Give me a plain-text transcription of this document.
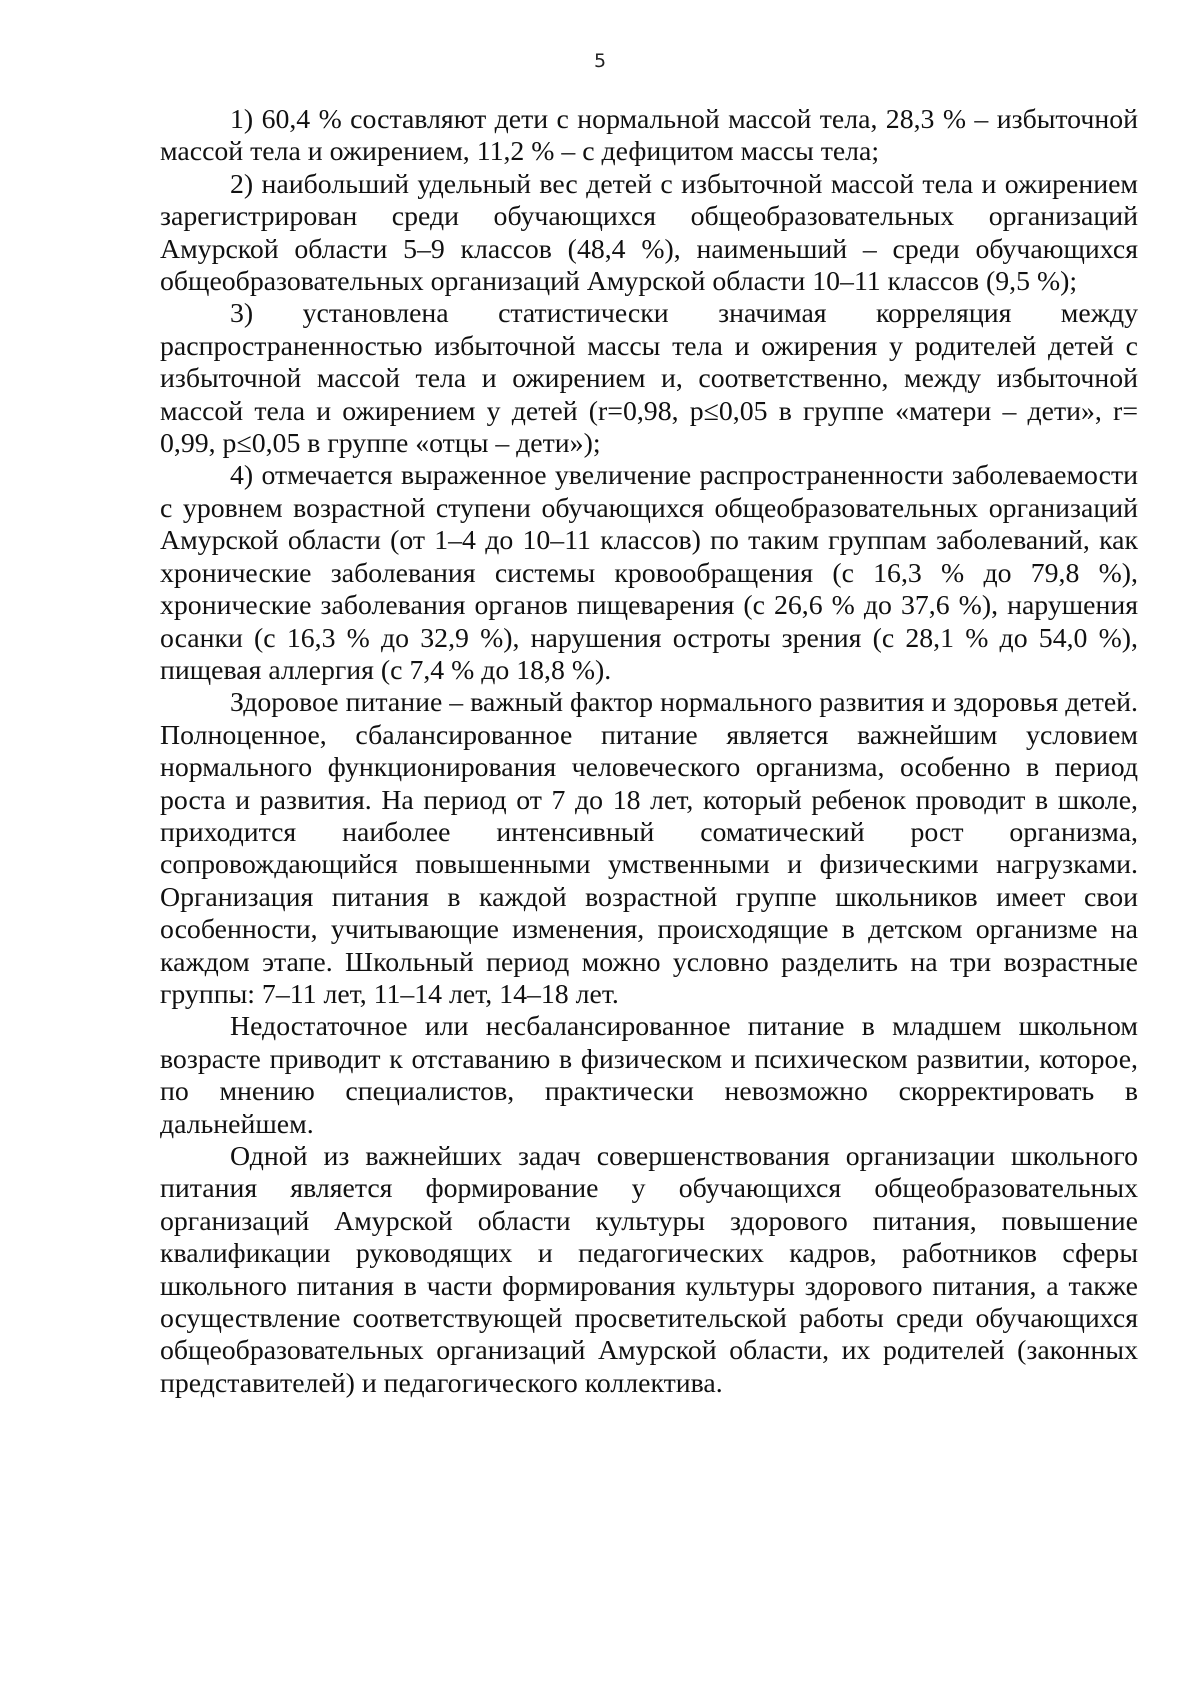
5

1) 60,4 % составляют дети с нормальной массой тела, 28,3 % – избыточной массой тела и ожирением, 11,2 % – с дефицитом массы тела;

2) наибольший удельный вес детей с избыточной массой тела и ожирением зарегистрирован среди обучающихся общеобразовательных организаций Амурской области 5–9 классов (48,4 %), наименьший – среди обучающихся общеобразовательных организаций Амурской области 10–11 классов (9,5 %);

3) установлена статистически значимая корреляция между распространенностью избыточной массы тела и ожирения у родителей детей с избыточной массой тела и ожирением и, соответственно, между избыточной массой тела и ожирением у детей (r=0,98, p≤0,05 в группе «матери – дети», r= 0,99, p≤0,05 в группе «отцы – дети»);

4) отмечается выраженное увеличение распространенности заболеваемости с уровнем возрастной ступени обучающихся общеобразовательных организаций Амурской области (от 1–4 до 10–11 классов) по таким группам заболеваний, как хронические заболевания системы кровообращения (с 16,3 % до 79,8 %), хронические заболевания органов пищеварения (с 26,6 % до 37,6 %), нарушения осанки (с 16,3 % до 32,9 %), нарушения остроты зрения (с 28,1 % до 54,0 %), пищевая аллергия (с 7,4 % до 18,8 %).

Здоровое питание – важный фактор нормального развития и здоровья детей. Полноценное, сбалансированное питание является важнейшим условием нормального функционирования человеческого организма, особенно в период роста и развития. На период от 7 до 18 лет, который ребенок проводит в школе, приходится наиболее интенсивный соматический рост организма, сопровождающийся повышенными умственными и физическими нагрузками. Организация питания в каждой возрастной группе школьников имеет свои особенности, учитывающие изменения, происходящие в детском организме на каждом этапе. Школьный период можно условно разделить на три возрастные группы: 7–11 лет, 11–14 лет, 14–18 лет.

Недостаточное или несбалансированное питание в младшем школьном возрасте приводит к отставанию в физическом и психическом развитии, которое, по мнению специалистов, практически невозможно скорректировать в дальнейшем.

Одной из важнейших задач совершенствования организации школьного питания является формирование у обучающихся общеобразовательных организаций Амурской области культуры здорового питания, повышение квалификации руководящих и педагогических кадров, работников сферы школьного питания в части формирования культуры здорового питания, а также осуществление соответствующей просветительской работы среди обучающихся общеобразовательных организаций Амурской области, их родителей (законных представителей) и педагогического коллектива.
